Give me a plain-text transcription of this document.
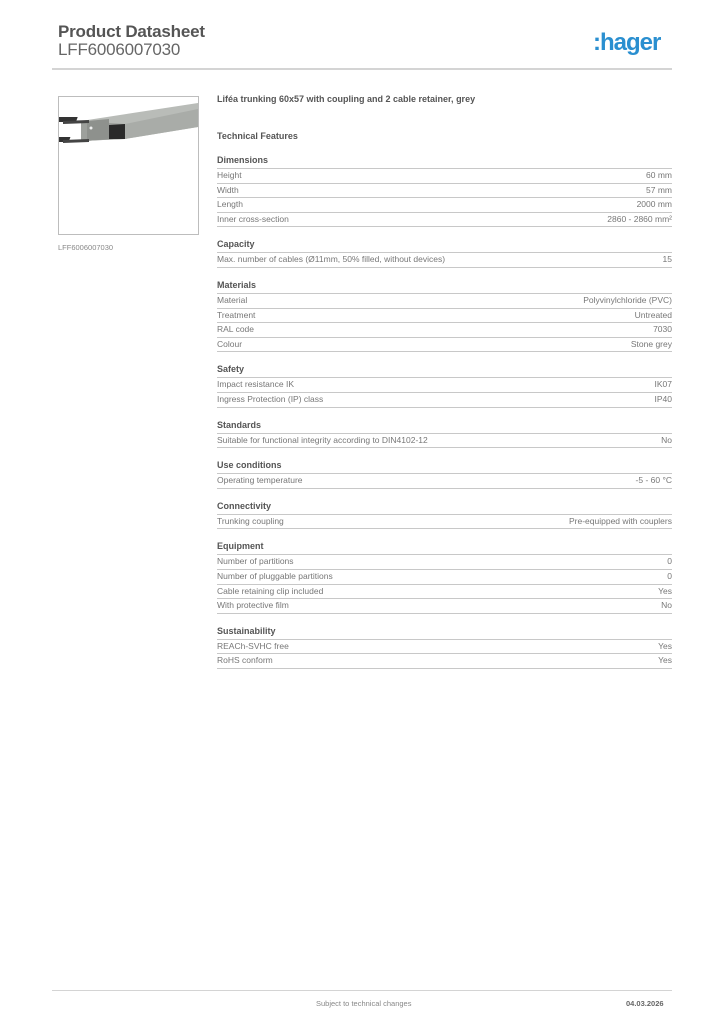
Product Datasheet
LFF6006007030	:hager
LFF6006007030
Liféa trunking 60x57 with coupling and 2 cable retainer, grey
Technical Features
Dimensions
Height	60 mm
Width	57 mm
Length	2000 mm
Inner cross-section	2860 - 2860 mm²
Capacity
Max. number of cables (Ø11mm, 50% filled, without devices)	15
Materials
Material	Polyvinylchloride (PVC)
Treatment	Untreated
RAL code	7030
Colour	Stone grey
Safety
Impact resistance IK	IK07
Ingress Protection (IP) class	IP40
Standards
Suitable for functional integrity according to DIN4102-12	No
Use conditions
Operating temperature	-5 - 60 °C
Connectivity
Trunking coupling	Pre-equipped with couplers
Equipment
Number of partitions	0
Number of pluggable partitions	0
Cable retaining clip included	Yes
With protective film	No
Sustainability
REACh-SVHC free	Yes
RoHS conform	Yes
Subject to technical changes	04.03.2026
